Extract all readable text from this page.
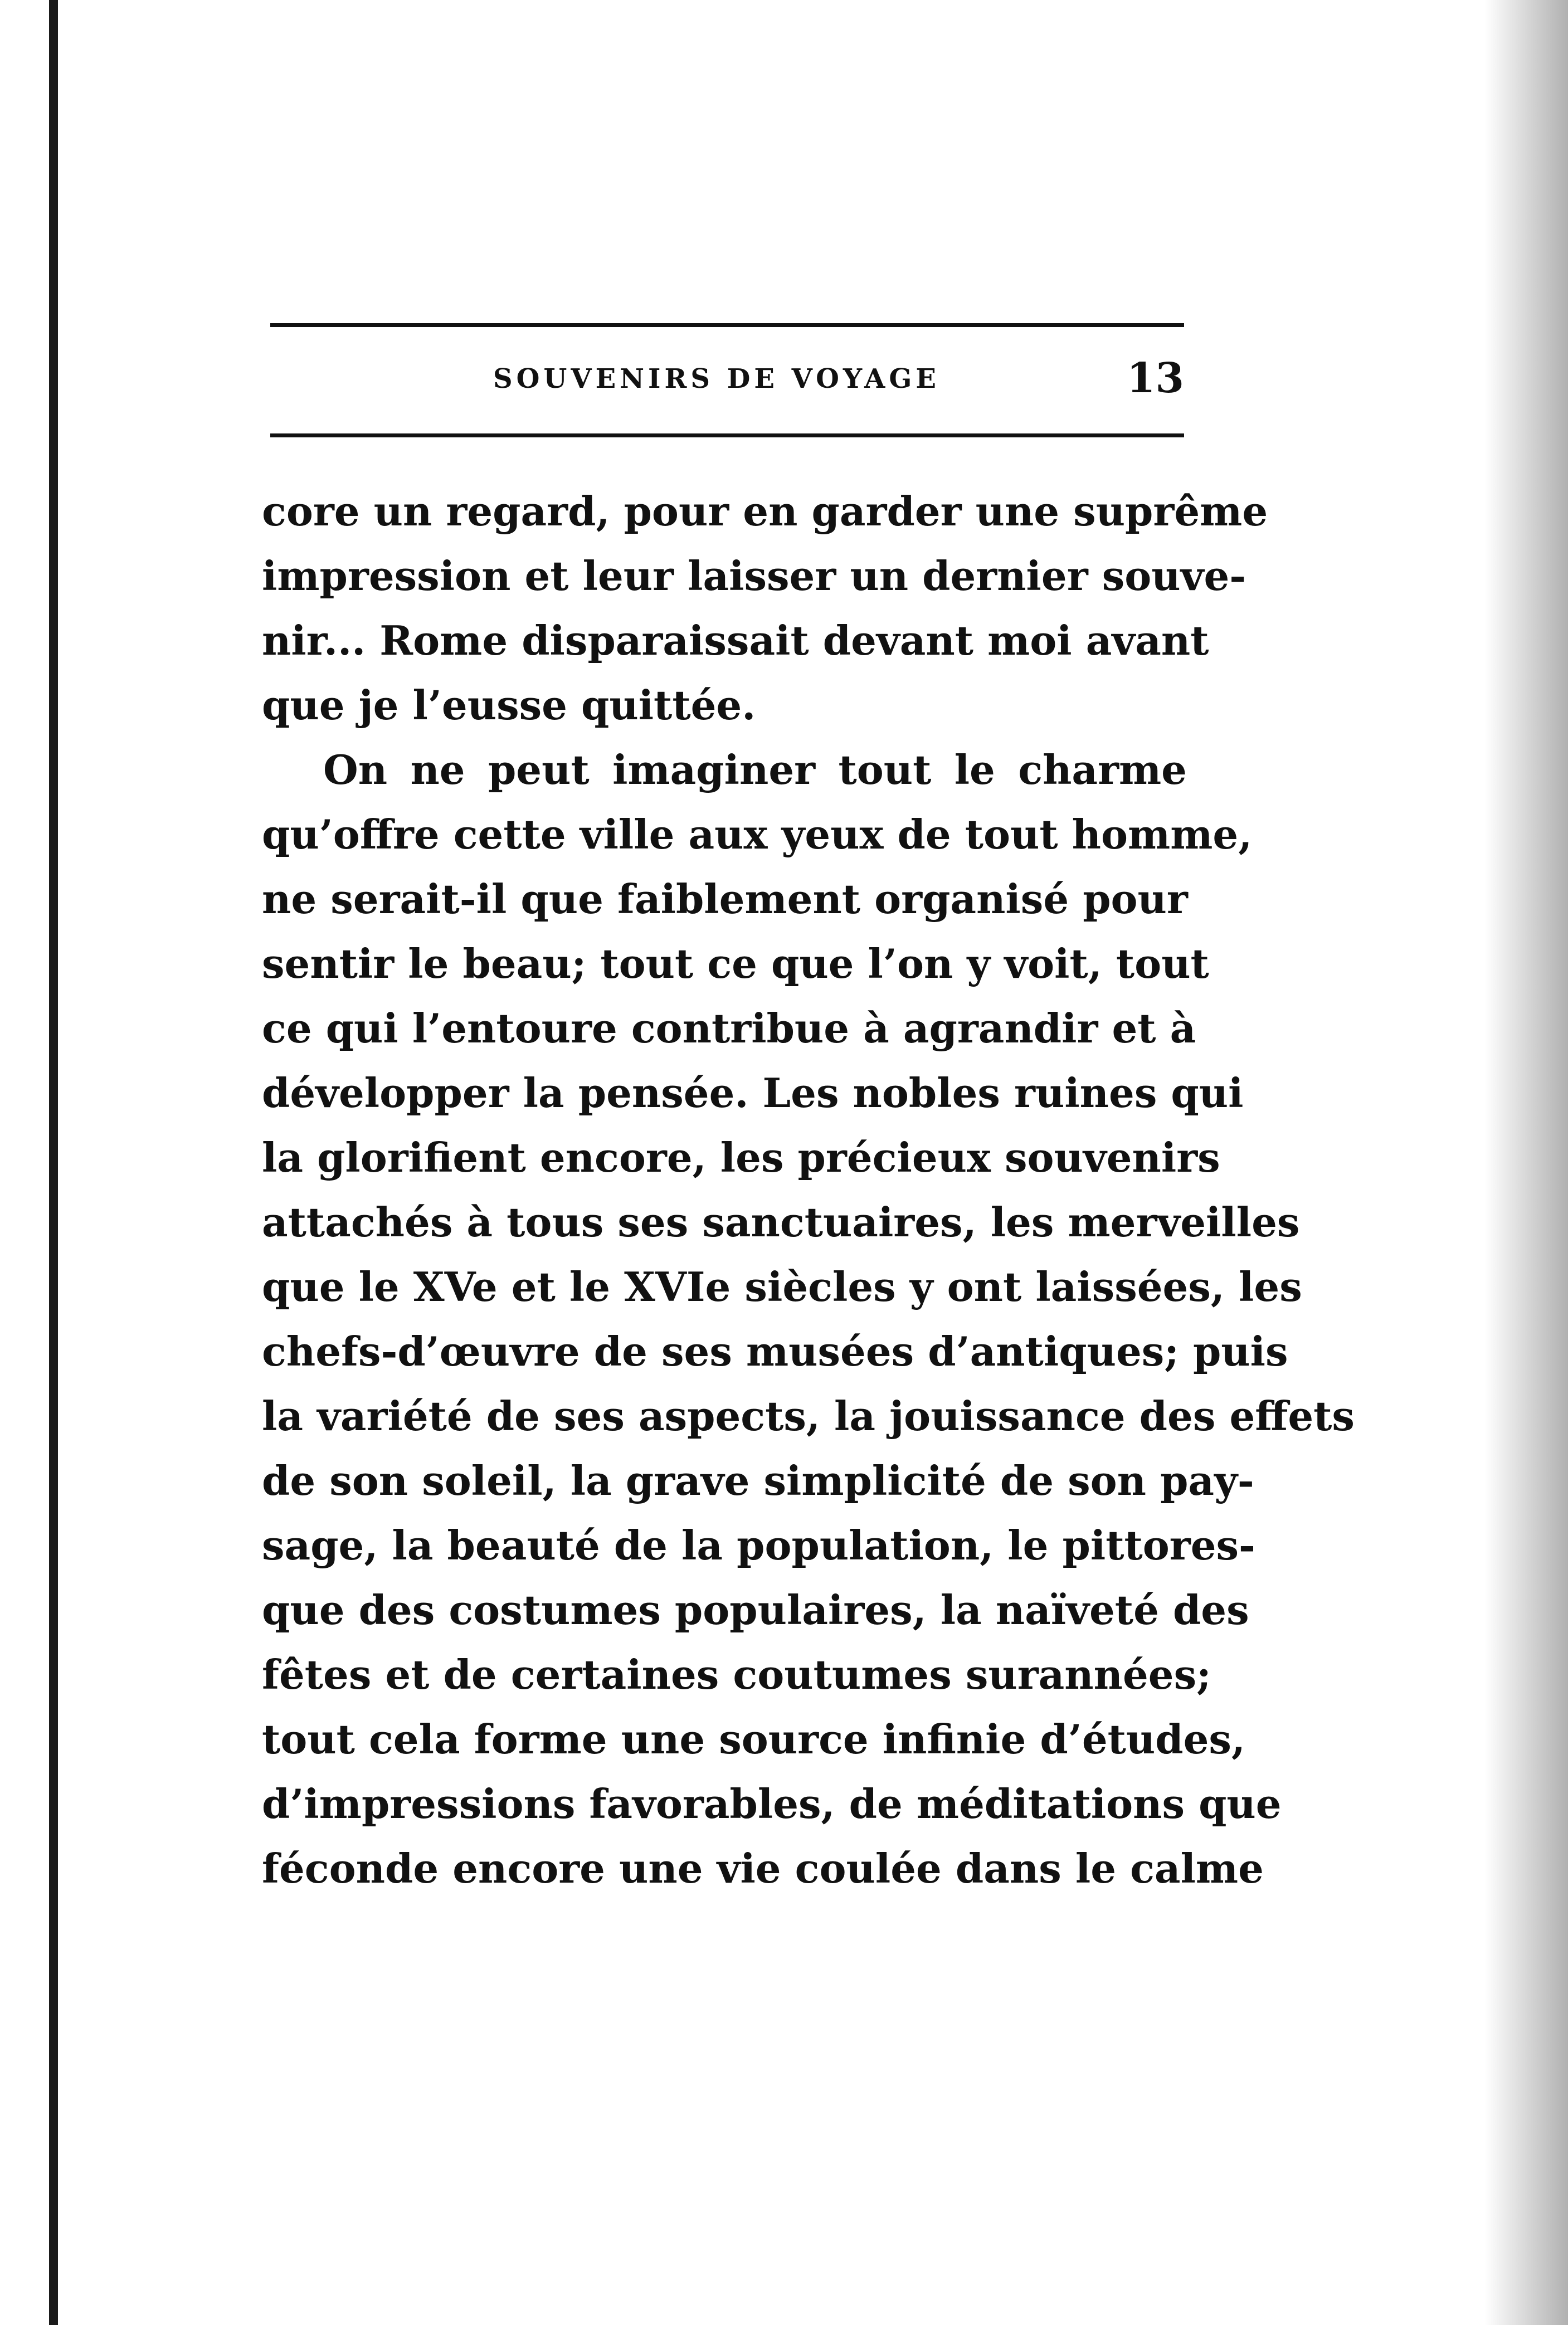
SOUVENIRS DE VOYAGE	13
core un regard, pour en garder une suprême
impression et leur laisser un dernier souve-
nir... Rome disparaissait devant moi avant
que je l’eusse quittée.
On ne peut imaginer tout le charme
qu’offre cette ville aux yeux de tout homme,
ne serait-il que faiblement organisé pour
sentir le beau; tout ce que l’on y voit, tout
ce qui l’entoure contribue à agrandir et à
développer la pensée. Les nobles ruines qui
la glorifient encore, les précieux souvenirs
attachés à tous ses sanctuaires, les merveilles
que le XVe et le XVIe siècles y ont laissées, les
chefs-d’œuvre de ses musées d’antiques; puis
la variété de ses aspects, la jouissance des effets
de son soleil, la grave simplicité de son pay-
sage, la beauté de la population, le pittores-
que des costumes populaires, la naïveté des
fêtes et de certaines coutumes surannées;
tout cela forme une source infinie d’études,
d’impressions favorables, de méditations que
féconde encore une vie coulée dans le calme
